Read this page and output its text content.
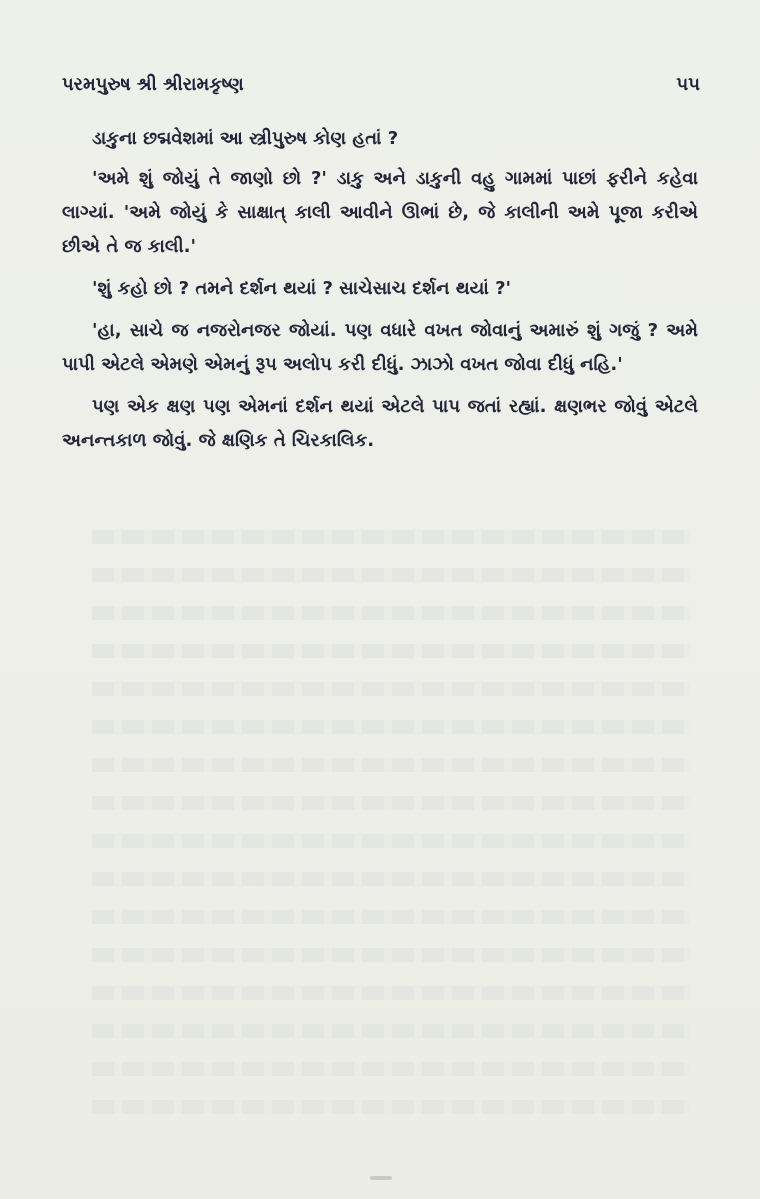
પરમપુરુષ શ્રી શ્રીરામકૃષ્ણ	૫૫

ડાકુના છદ્મવેશમાં આ સ્ત્રીપુરુષ કોણ હતાં ?

'અમે શું જોયું તે જાણો છો ?' ડાકુ અને ડાકુની વહુ ગામમાં પાછાં ફરીને કહેવા લાગ્યાં. 'અમે જોયું કે સાક્ષાત્ કાલી આવીને ઊભાં છે, જે કાલીની અમે પૂજા કરીએ છીએ તે જ કાલી.'

'શું કહો છો ? તમને દર્શન થયાં ? સાચેસાચ દર્શન થયાં ?'

'હા, સાચે જ નજરોનજર જોયાં. પણ વધારે વખત જોવાનું અમારું શું ગજું ? અમે પાપી એટલે એમણે એમનું રૂપ અલોપ કરી દીધું. ઝાઝો વખત જોવા દીધું નહિ.'

પણ એક ક્ષણ પણ એમનાં દર્શન થયાં એટલે પાપ જતાં રહ્યાં. ક્ષણભર જોવું એટલે અનન્તકાળ જોવું. જે ક્ષણિક તે ચિરકાલિક.
